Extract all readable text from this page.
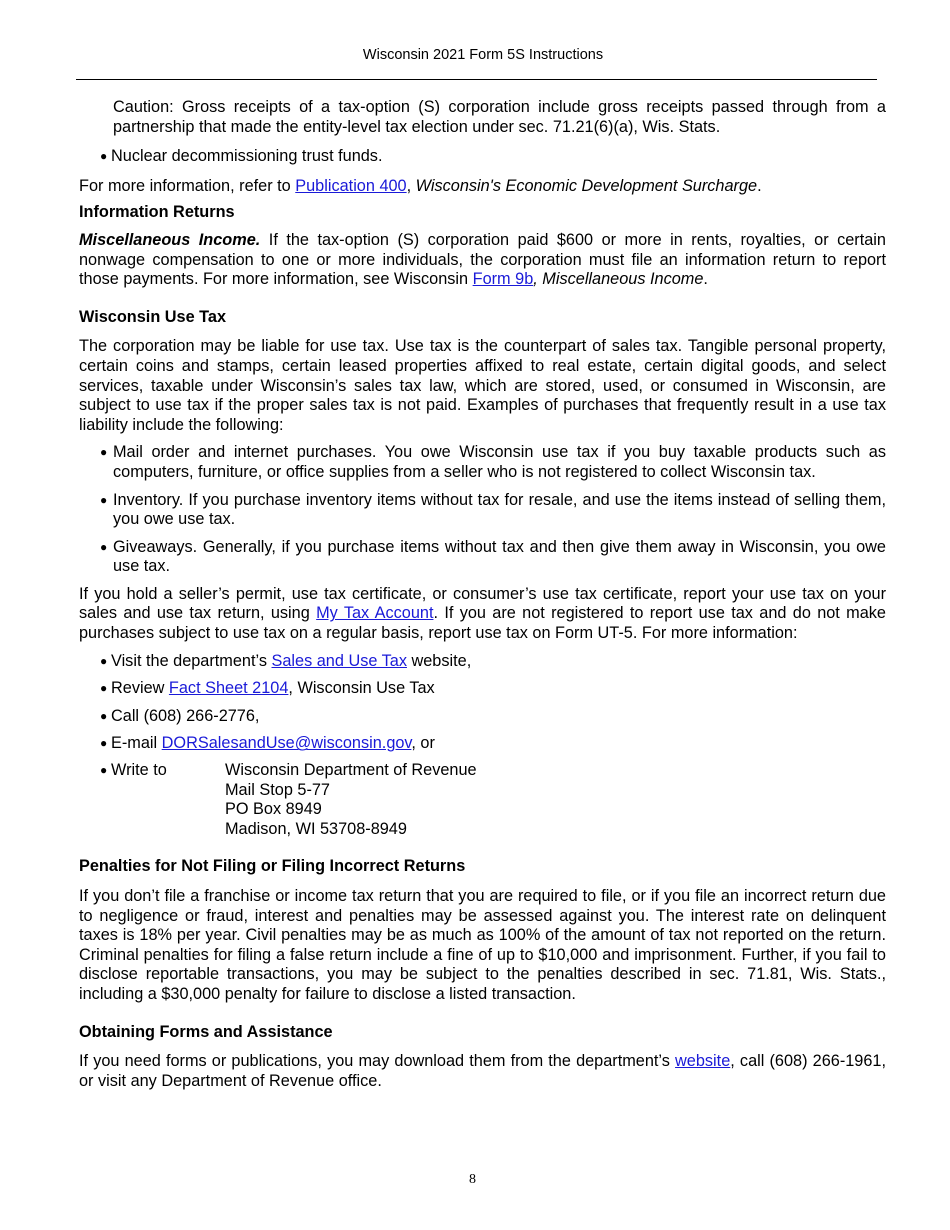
Wisconsin 2021 Form 5S Instructions

Caution: Gross receipts of a tax-option (S) corporation include gross receipts passed through from a partnership that made the entity-level tax election under sec. 71.21(6)(a), Wis. Stats.

● Nuclear decommissioning trust funds.

For more information, refer to Publication 400, Wisconsin's Economic Development Surcharge.

Information Returns

Miscellaneous Income. If the tax-option (S) corporation paid $600 or more in rents, royalties, or certain nonwage compensation to one or more individuals, the corporation must file an information return to report those payments. For more information, see Wisconsin Form 9b, Miscellaneous Income.

Wisconsin Use Tax

The corporation may be liable for use tax. Use tax is the counterpart of sales tax. Tangible personal property, certain coins and stamps, certain leased properties affixed to real estate, certain digital goods, and select services, taxable under Wisconsin’s sales tax law, which are stored, used, or consumed in Wisconsin, are subject to use tax if the proper sales tax is not paid. Examples of purchases that frequently result in a use tax liability include the following:

● Mail order and internet purchases. You owe Wisconsin use tax if you buy taxable products such as computers, furniture, or office supplies from a seller who is not registered to collect Wisconsin tax.
● Inventory. If you purchase inventory items without tax for resale, and use the items instead of selling them, you owe use tax.
● Giveaways. Generally, if you purchase items without tax and then give them away in Wisconsin, you owe use tax.

If you hold a seller’s permit, use tax certificate, or consumer’s use tax certificate, report your use tax on your sales and use tax return, using My Tax Account. If you are not registered to report use tax and do not make purchases subject to use tax on a regular basis, report use tax on Form UT-5. For more information:

● Visit the department’s Sales and Use Tax website,
● Review Fact Sheet 2104, Wisconsin Use Tax
● Call (608) 266-2776,
● E-mail DORSalesandUse@wisconsin.gov, or
● Write to	Wisconsin Department of Revenue
Mail Stop 5-77
PO Box 8949
Madison, WI 53708-8949
Penalties for Not Filing or Filing Incorrect Returns

If you don’t file a franchise or income tax return that you are required to file, or if you file an incorrect return due to negligence or fraud, interest and penalties may be assessed against you. The interest rate on delinquent taxes is 18% per year. Civil penalties may be as much as 100% of the amount of tax not reported on the return. Criminal penalties for filing a false return include a fine of up to $10,000 and imprisonment. Further, if you fail to disclose reportable transactions, you may be subject to the penalties described in sec. 71.81, Wis. Stats., including a $30,000 penalty for failure to disclose a listed transaction.

Obtaining Forms and Assistance

If you need forms or publications, you may download them from the department’s website, call (608) 266-1961, or visit any Department of Revenue office.

8
